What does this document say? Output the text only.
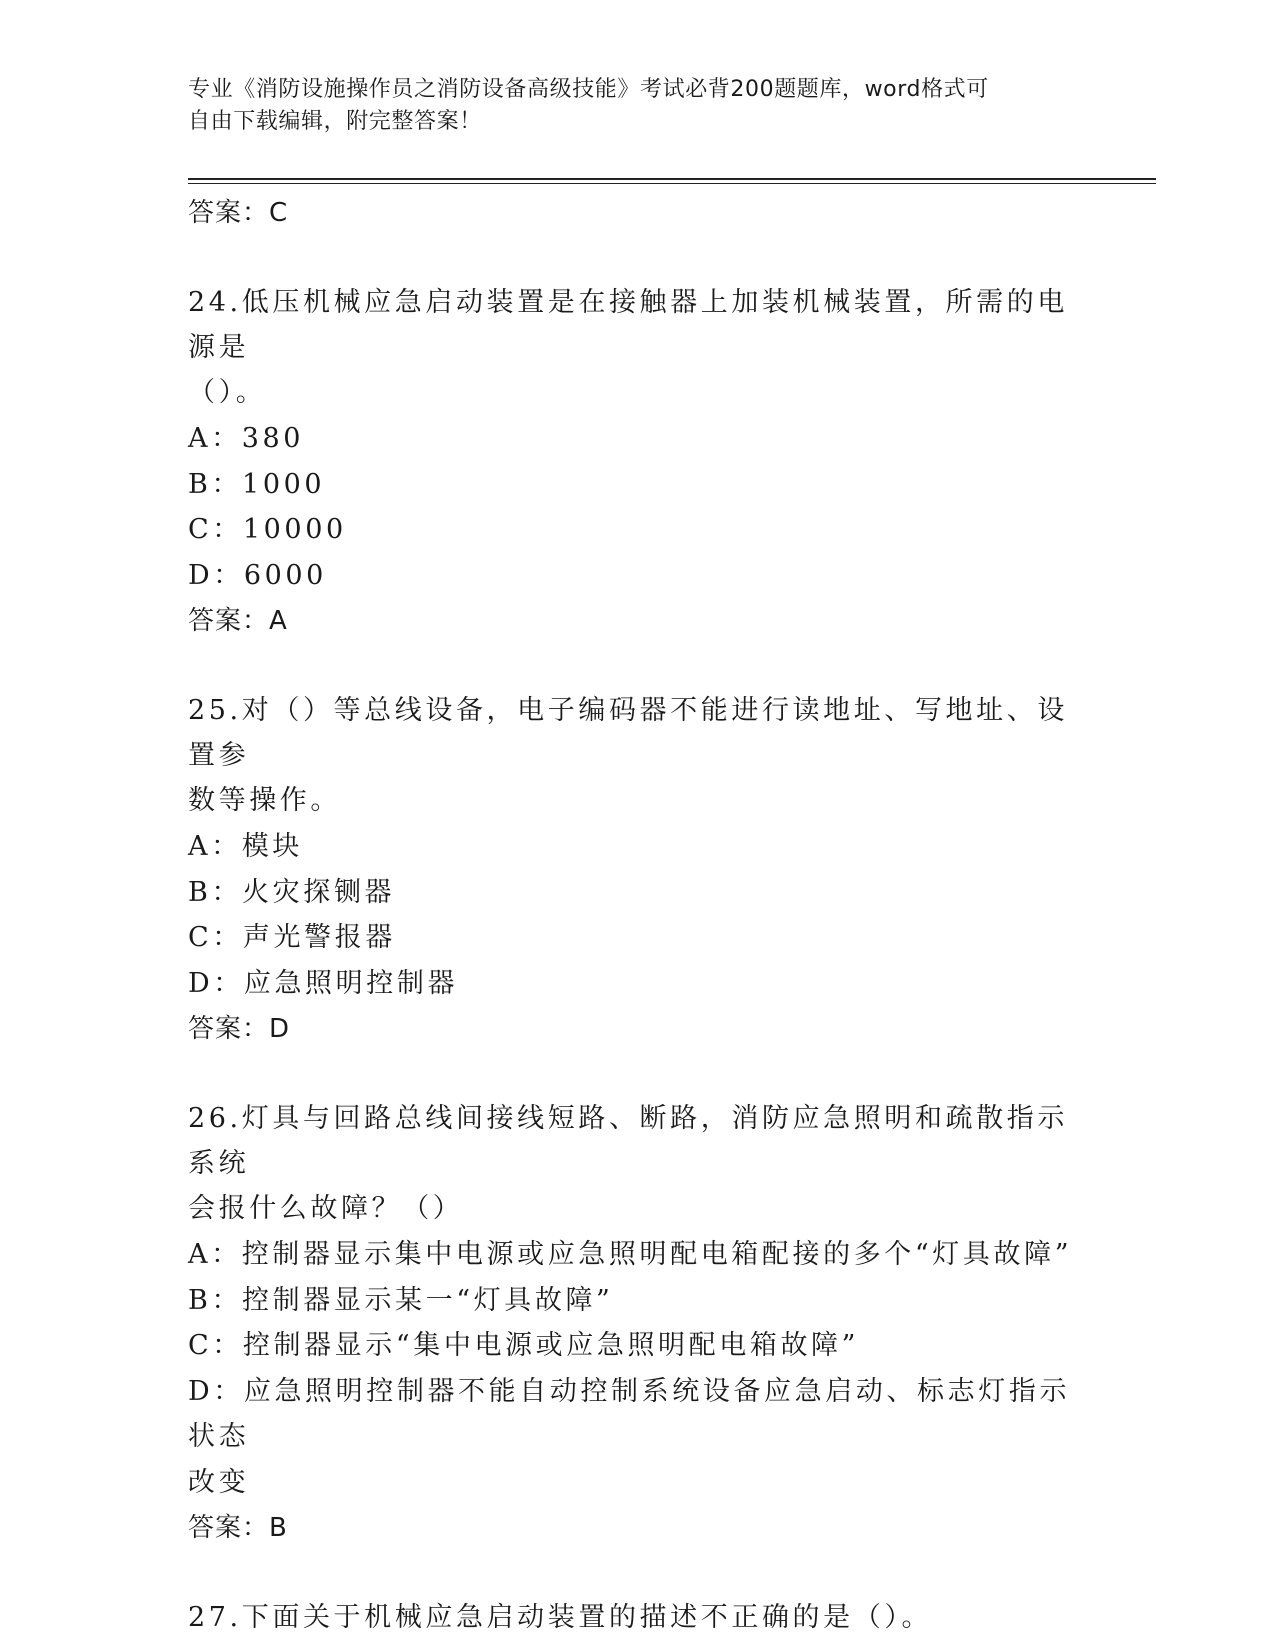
专业《消防设施操作员之消防设备高级技能》考试必背200题题库，word格式可
自由下载编辑，附完整答案！
答案：C
24.低压机械应急启动装置是在接触器上加装机械装置，所需的电源是
（）。
A：380
B：1000
C：10000
D：6000
答案：A
25.对（）等总线设备，电子编码器不能进行读地址、写地址、设置参
数等操作。
A：模块
B：火灾探铡器
C：声光警报器
D：应急照明控制器
答案：D
26.灯具与回路总线间接线短路、断路，消防应急照明和疏散指示系统
会报什么故障？（）
A：控制器显示集中电源或应急照明配电箱配接的多个“灯具故障”
B：控制器显示某一“灯具故障”
C：控制器显示“集中电源或应急照明配电箱故障”
D：应急照明控制器不能自动控制系统设备应急启动、标志灯指示状态
改变
答案：B
27.下面关于机械应急启动装置的描述不正确的是（）。
